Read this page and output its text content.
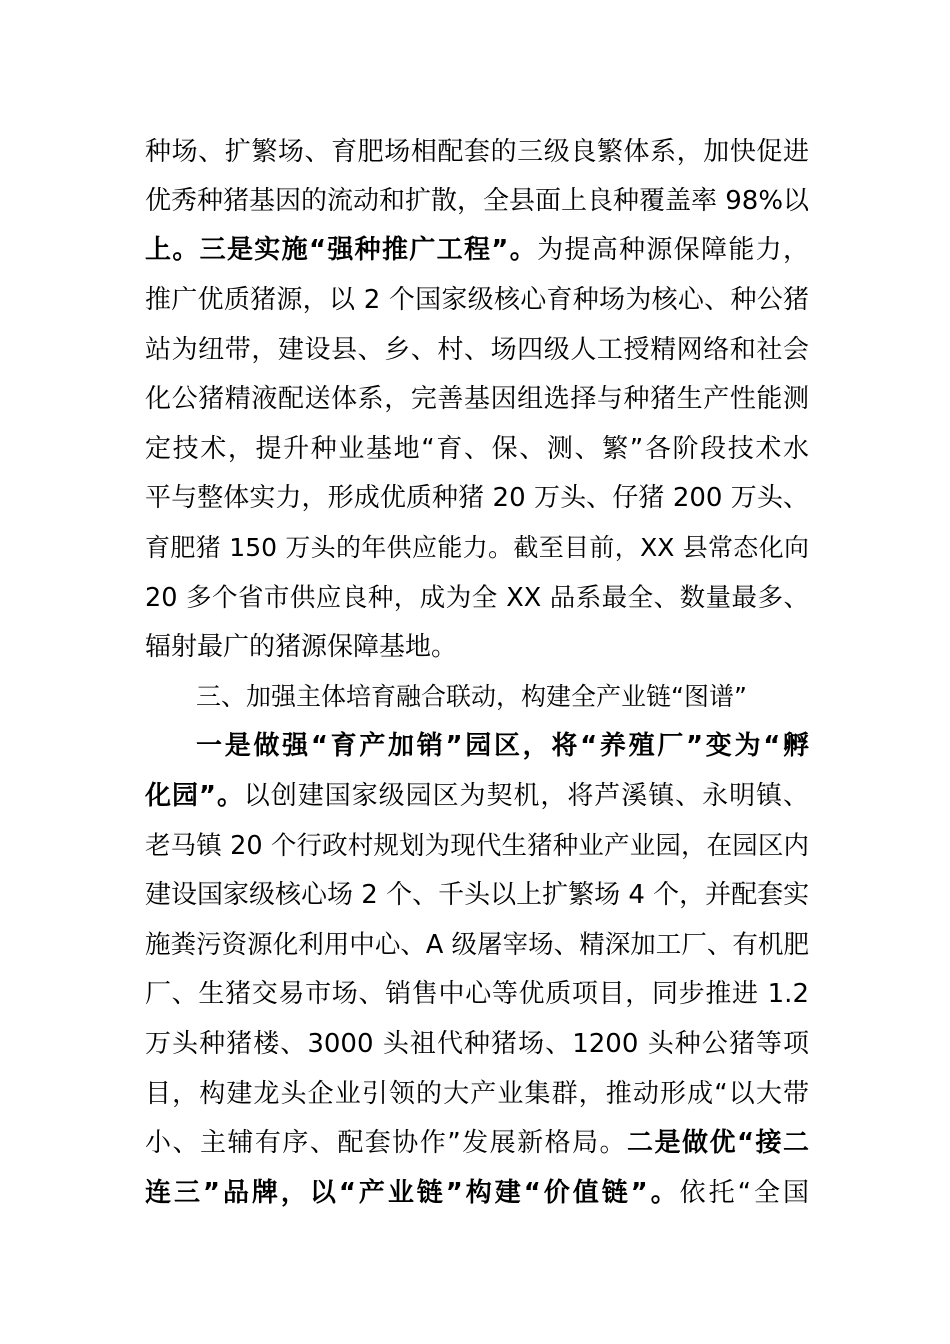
种场、扩繁场、育肥场相配套的三级良繁体系，加快促进
优秀种猪基因的流动和扩散，全县面上良种覆盖率 98%以
上。三是实施“强种推广工程”。为提高种源保障能力，
推广优质猪源，以 2 个国家级核心育种场为核心、种公猪
站为纽带，建设县、乡、村、场四级人工授精网络和社会
化公猪精液配送体系，完善基因组选择与种猪生产性能测
定技术，提升种业基地“育、保、测、繁”各阶段技术水
平与整体实力，形成优质种猪 20 万头、仔猪 200 万头、
育肥猪 150 万头的年供应能力。截至目前，XX 县常态化向
20 多个省市供应良种，成为全 XX 品系最全、数量最多、
辐射最广的猪源保障基地。
三、加强主体培育融合联动，构建全产业链“图谱”
一是做强“育产加销”园区，将“养殖厂”变为“孵
化园”。以创建国家级园区为契机，将芦溪镇、永明镇、
老马镇 20 个行政村规划为现代生猪种业产业园，在园区内
建设国家级核心场 2 个、千头以上扩繁场 4 个，并配套实
施粪污资源化利用中心、A 级屠宰场、精深加工厂、有机肥
厂、生猪交易市场、销售中心等优质项目，同步推进 1.2
万头种猪楼、3000 头祖代种猪场、1200 头种公猪等项
目，构建龙头企业引领的大产业集群，推动形成“以大带
小、主辅有序、配套协作”发展新格局。二是做优“接二
连三”品牌，以“产业链”构建“价值链”。依托“全国
